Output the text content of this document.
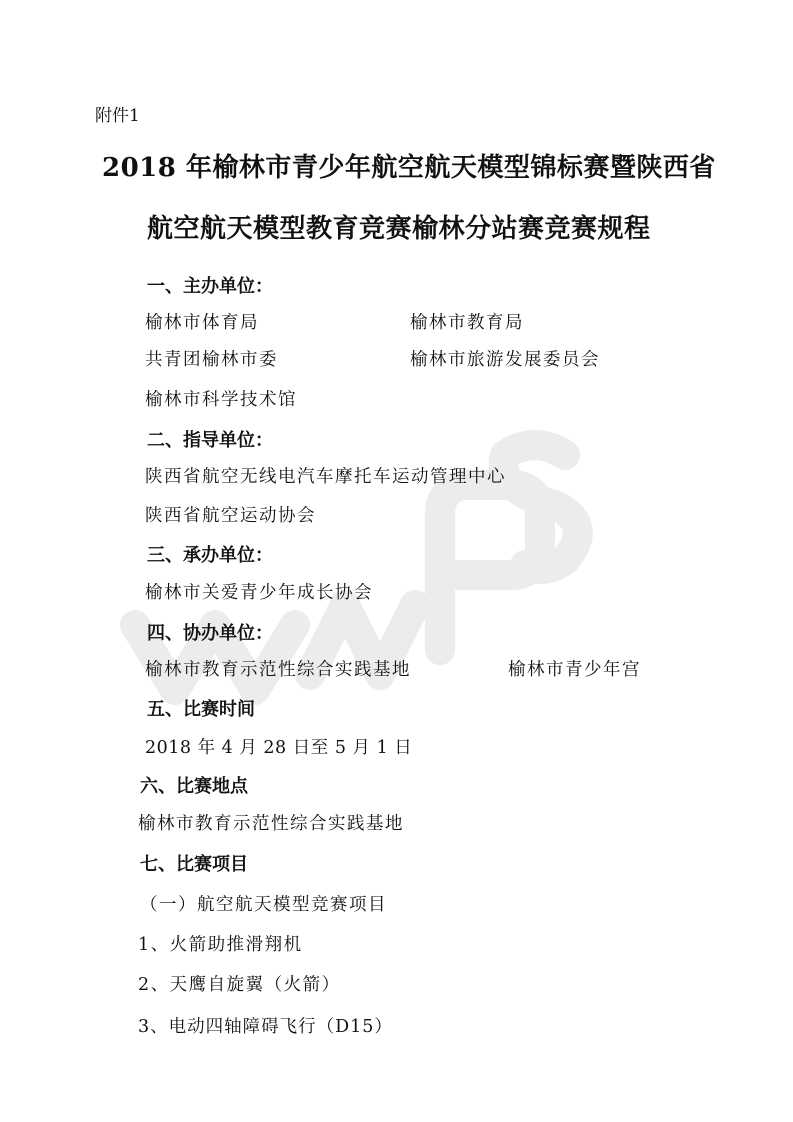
附件1
2018 年榆林市青少年航空航天模型锦标赛暨陕西省
航空航天模型教育竞赛榆林分站赛竞赛规程
一、主办单位：
榆林市体育局	榆林市教育局
共青团榆林市委	榆林市旅游发展委员会
榆林市科学技术馆
二、指导单位：
陕西省航空无线电汽车摩托车运动管理中心
陕西省航空运动协会
三、承办单位：
榆林市关爱青少年成长协会
四、协办单位：
榆林市教育示范性综合实践基地	榆林市青少年宫
五、比赛时间
2018 年 4 月 28 日至 5 月 1 日
六、比赛地点
榆林市教育示范性综合实践基地
七、比赛项目
（一）航空航天模型竞赛项目
1、火箭助推滑翔机
2、天鹰自旋翼（火箭）
3、电动四轴障碍飞行（D15）
